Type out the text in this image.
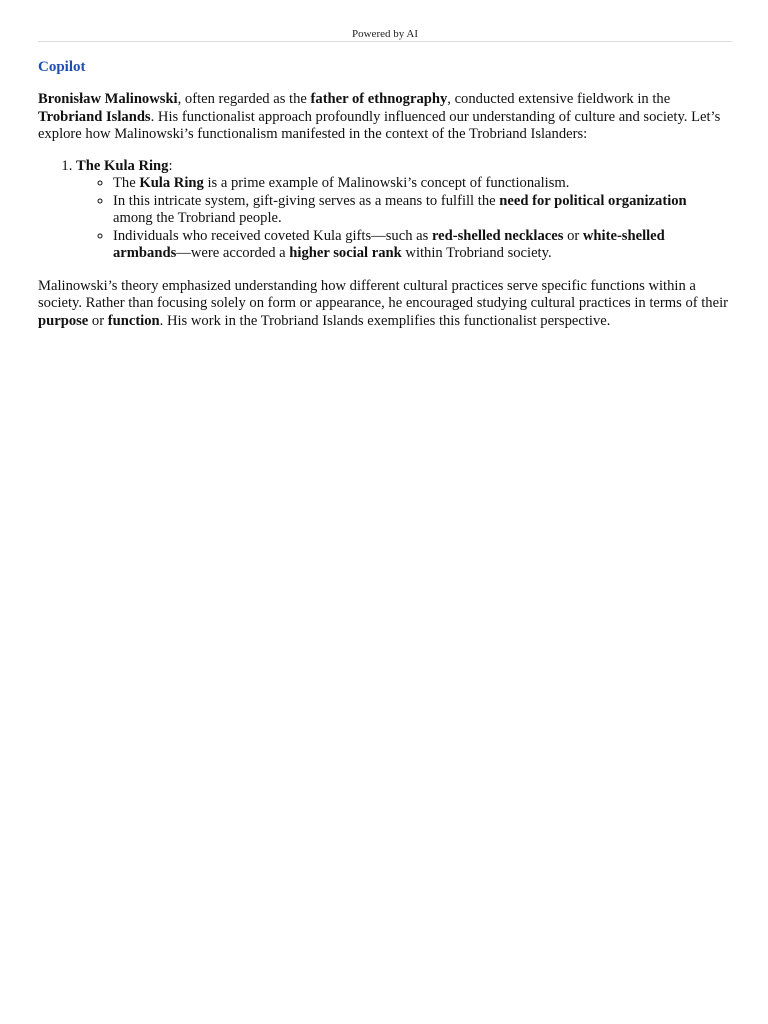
Powered by AI
Copilot

Bronisław Malinowski, often regarded as the father of ethnography, conducted extensive fieldwork in the Trobriand Islands. His functionalist approach profoundly influenced our understanding of culture and society. Let’s explore how Malinowski’s functionalism manifested in the context of the Trobriand Islanders:

1. The Kula Ring:
◦ The Kula Ring is a prime example of Malinowski’s concept of functionalism.
◦ In this intricate system, gift-giving serves as a means to fulfill the need for political organization among the Trobriand people.
◦ Individuals who received coveted Kula gifts—such as red-shelled necklaces or white-shelled armbands—were accorded a higher social rank within Trobriand society.

Malinowski’s theory emphasized understanding how different cultural practices serve specific functions within a society. Rather than focusing solely on form or appearance, he encouraged studying cultural practices in terms of their purpose or function. His work in the Trobriand Islands exemplifies this functionalist perspective.
